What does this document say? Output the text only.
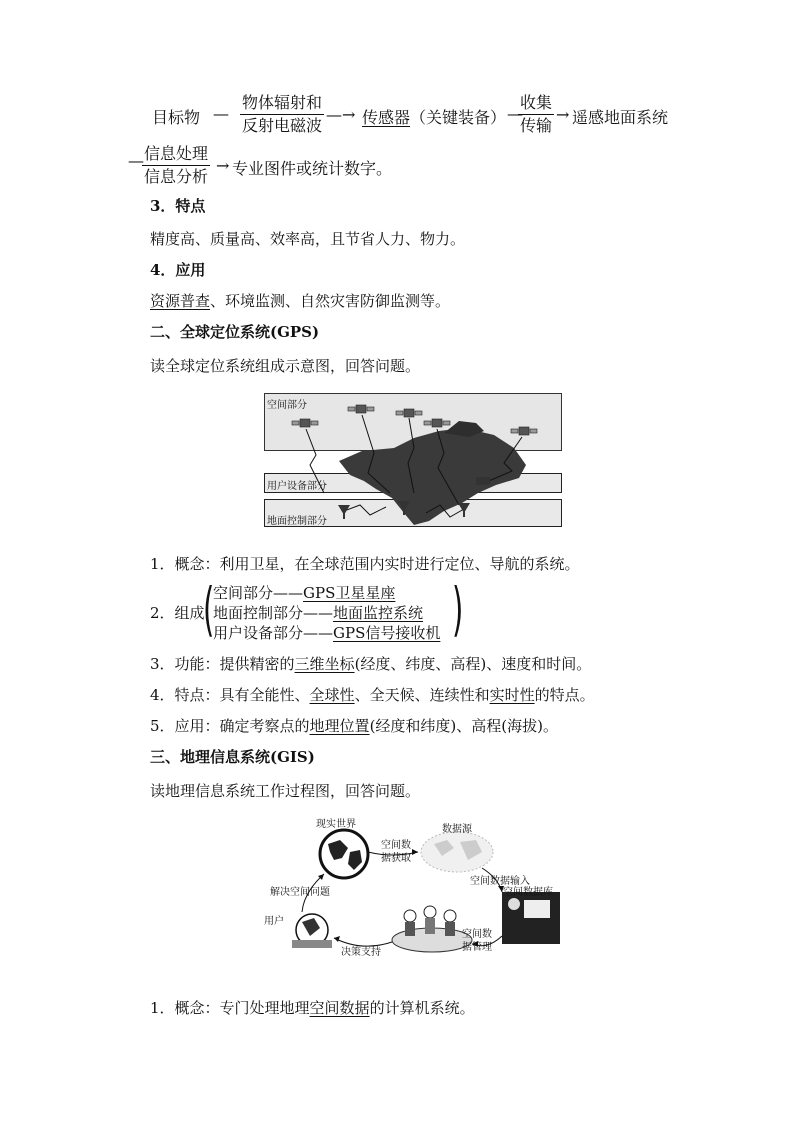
目标物 —
物体辐射和
反射电磁波
—→ 传感器 （关键装备） —
收集
传输
→ 遥感地面系统
— 信息处理
信息分析
→ 专业图件或统计数字。
3．特点
精度高、质量高、效率高，且节省人力、物力。
4．应用
资源普查、环境监测、自然灾害防御监测等。
二、全球定位系统(GPS)
读全球定位系统组成示意图，回答问题。
空间部分
用户设备部分
地面控制部分
1．概念：利用卫星，在全球范围内实时进行定位、导航的系统。
2．组成
(	)
空间部分——GPS卫星星座
地面控制部分——地面监控系统
用户设备部分——GPS信号接收机
3．功能：提供精密的三维坐标(经度、纬度、高程)、速度和时间。
4．特点：具有全能性、全球性、全天候、连续性和实时性的特点。
5．应用：确定考察点的地理位置(经度和纬度)、高程(海拔)。
三、地理信息系统(GIS)
读地理信息系统工作过程图，回答问题。
现实世界
空间数
据获取
数据源
空间数据输入
空间数据库
解决空间问题
用户
决策支持
空间数
据管理
1．概念：专门处理地理空间数据的计算机系统。
